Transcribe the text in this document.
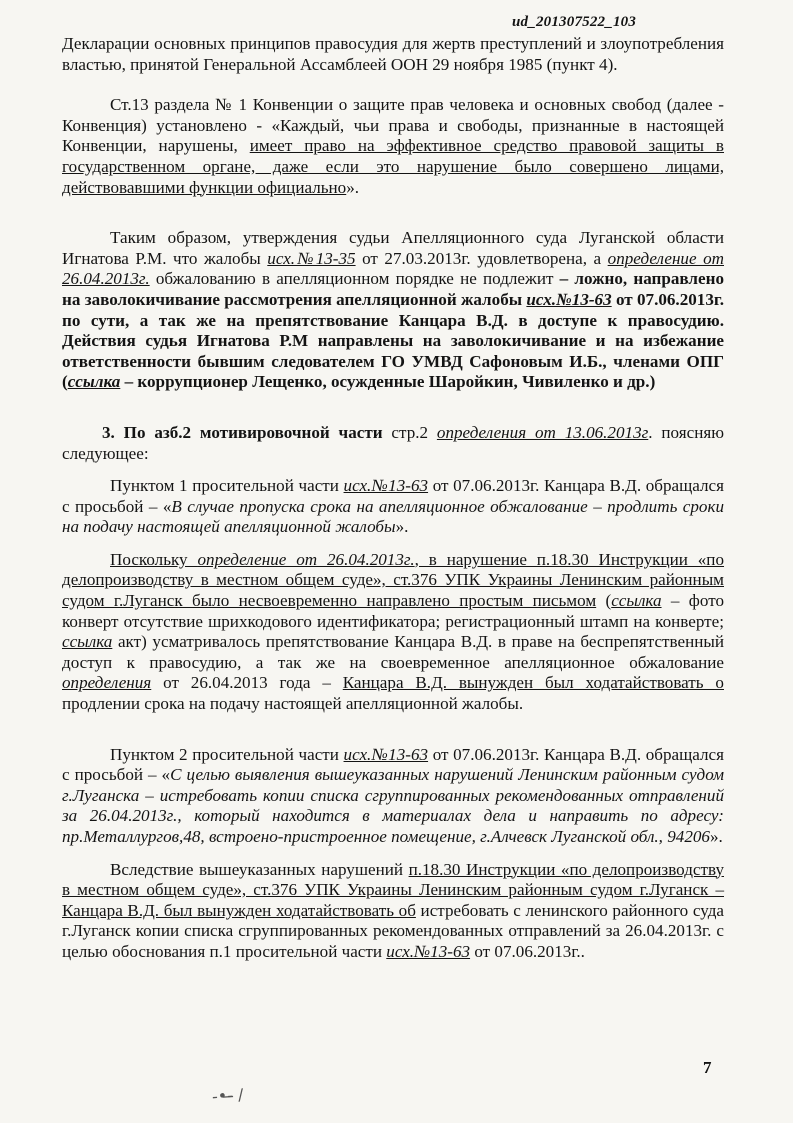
ud_201307522_103

Декларации основных принципов правосудия для жертв преступлений и злоупотребления властью, принятой Генеральной Ассамблеей ООН 29 ноября 1985 (пункт 4).

Ст.13 раздела № 1 Конвенции о защите прав человека и основных свобод (далее - Конвенция) установлено - «Каждый, чьи права и свободы, признанные в настоящей Конвенции, нарушены, имеет право на эффективное средство правовой защиты в государственном органе, даже если это нарушение было совершено лицами, действовавшими функции официально».

Таким образом, утверждения судьи Апелляционного суда Луганской области Игнатова Р.М. что жалобы исх.№13-35 от 27.03.2013г. удовлетворена, а определение от 26.04.2013г. обжалованию в апелляционном порядке не подлежит – ложно, направлено на заволокичивание рассмотрения апелляционной жалобы исх.№13-63 от 07.06.2013г. по сути, а так же на препятствование Канцара В.Д. в доступе к правосудию. Действия судья Игнатова Р.М направлены на заволокичивание и на избежание ответственности бывшим следователем ГО УМВД Сафоновым И.Б., членами ОПГ (ссылка – коррупционер Лещенко, осужденные Шаройкин, Чивиленко и др.)

3. По азб.2 мотивировочной части стр.2 определения от 13.06.2013г. поясняю следующее:

Пунктом 1 просительной части исх.№13-63 от 07.06.2013г. Канцара В.Д. обращался с просьбой – «В случае пропуска срока на апелляционное обжалование – продлить сроки на подачу настоящей апелляционной жалобы».

Поскольку определение от 26.04.2013г., в нарушение п.18.30 Инструкции «по делопроизводству в местном общем суде», ст.376 УПК Украины Ленинским районным судом г.Луганск было несвоевременно направлено простым письмом (ссылка – фото конверт отсутствие шрихкодового идентификатора; регистрационный штамп на конверте; ссылка акт) усматривалось препятствование Канцара В.Д. в праве на беспрепятственный доступ к правосудию, а так же на своевременное апелляционное обжалование определения от 26.04.2013 года – Канцара В.Д. вынужден был ходатайствовать о продлении срока на подачу настоящей апелляционной жалобы.

Пунктом 2 просительной части исх.№13-63 от 07.06.2013г. Канцара В.Д. обращался с просьбой – «С целью выявления вышеуказанных нарушений Ленинским районным судом г.Луганска – истребовать копии списка сгруппированных рекомендованных отправлений за 26.04.2013г., который находится в материалах дела и направить по адресу: пр.Металлургов,48, встроено-пристроенное помещение, г.Алчевск Луганской обл., 94206».

Вследствие вышеуказанных нарушений п.18.30 Инструкции «по делопроизводству в местном общем суде», ст.376 УПК Украины Ленинским районным судом г.Луганск – Канцара В.Д. был вынужден ходатайствовать об истребовать с ленинского районного суда г.Луганск копии списка сгруппированных рекомендованных отправлений за 26.04.2013г. с целью обоснования п.1 просительной части исх.№13-63 от 07.06.2013г..

7
-•-̶ /
